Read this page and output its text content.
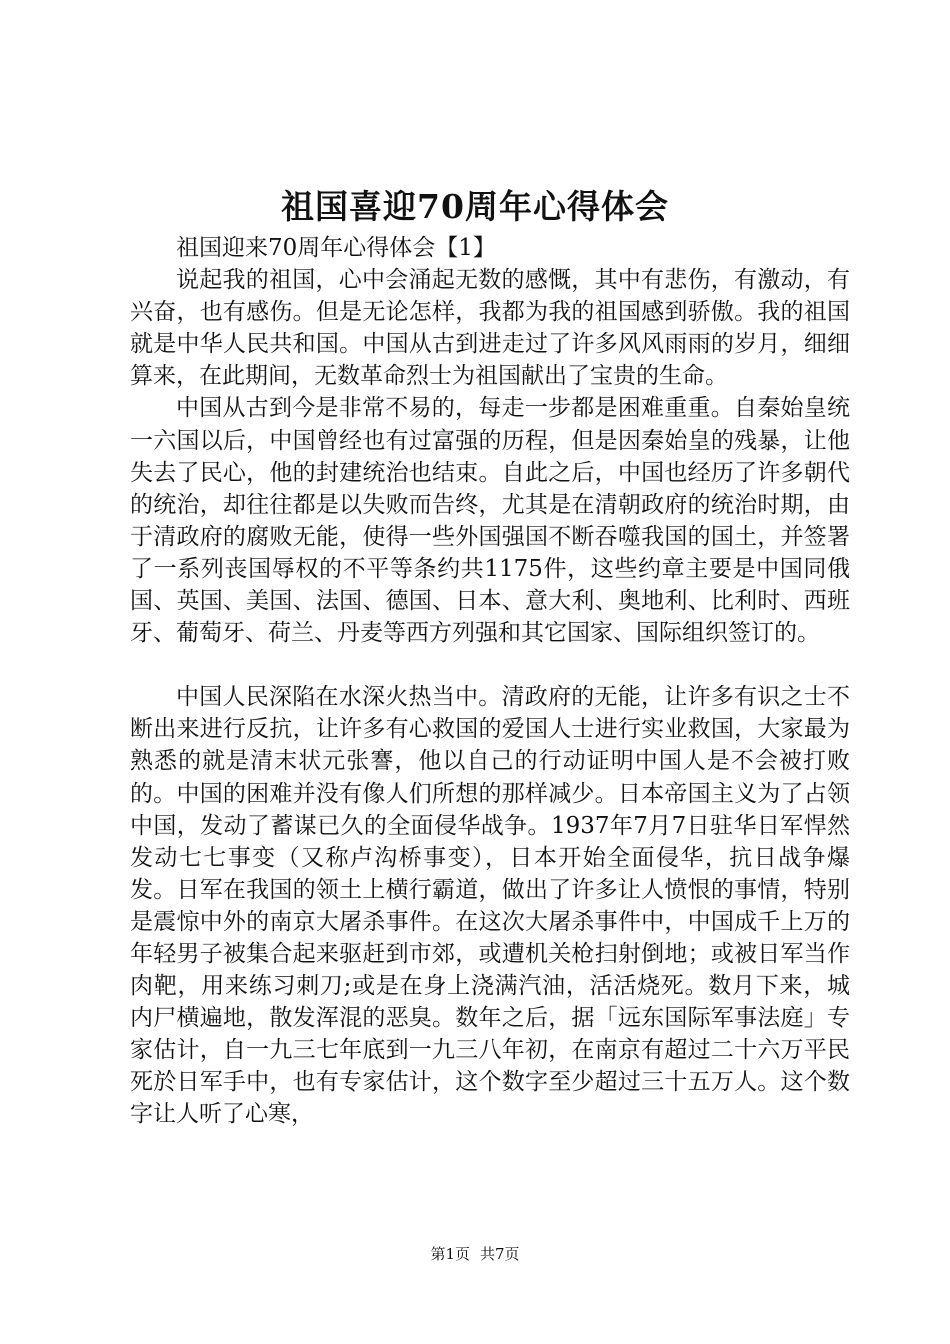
祖国喜迎70周年心得体会

祖国迎来70周年心得体会【1】

说起我的祖国，心中会涌起无数的感慨，其中有悲伤，有激动，有兴奋，也有感伤。但是无论怎样，我都为我的祖国感到骄傲。我的祖国就是中华人民共和国。中国从古到进走过了许多风风雨雨的岁月，细细算来，在此期间，无数革命烈士为祖国献出了宝贵的生命。

中国从古到今是非常不易的，每走一步都是困难重重。自秦始皇统一六国以后，中国曾经也有过富强的历程，但是因秦始皇的残暴，让他失去了民心，他的封建统治也结束。自此之后，中国也经历了许多朝代的统治，却往往都是以失败而告终，尤其是在清朝政府的统治时期，由于清政府的腐败无能，使得一些外国强国不断吞噬我国的国土，并签署了一系列丧国辱权的不平等条约共1175件，这些约章主要是中国同俄国、英国、美国、法国、德国、日本、意大利、奥地利、比利时、西班牙、葡萄牙、荷兰、丹麦等西方列强和其它国家、国际组织签订的。

中国人民深陷在水深火热当中。清政府的无能，让许多有识之士不断出来进行反抗，让许多有心救国的爱国人士进行实业救国，大家最为熟悉的就是清末状元张謇，他以自己的行动证明中国人是不会被打败的。中国的困难并没有像人们所想的那样减少。日本帝国主义为了占领中国，发动了蓄谋已久的全面侵华战争。1937年7月7日驻华日军悍然发动七七事变（又称卢沟桥事变），日本开始全面侵华，抗日战争爆发。日军在我国的领土上横行霸道，做出了许多让人愤恨的事情，特别是震惊中外的南京大屠杀事件。在这次大屠杀事件中，中国成千上万的年轻男子被集合起来驱赶到市郊，或遭机关枪扫射倒地；或被日军当作肉靶，用来练习刺刀;或是在身上浇满汽油，活活烧死。数月下来，城内尸横遍地，散发浑混的恶臭。数年之后，据「远东国际军事法庭」专家估计，自一九三七年底到一九三八年初，在南京有超过二十六万平民死於日军手中，也有专家估计，这个数字至少超过三十五万人。这个数字让人听了心寒，

第1页 共7页
